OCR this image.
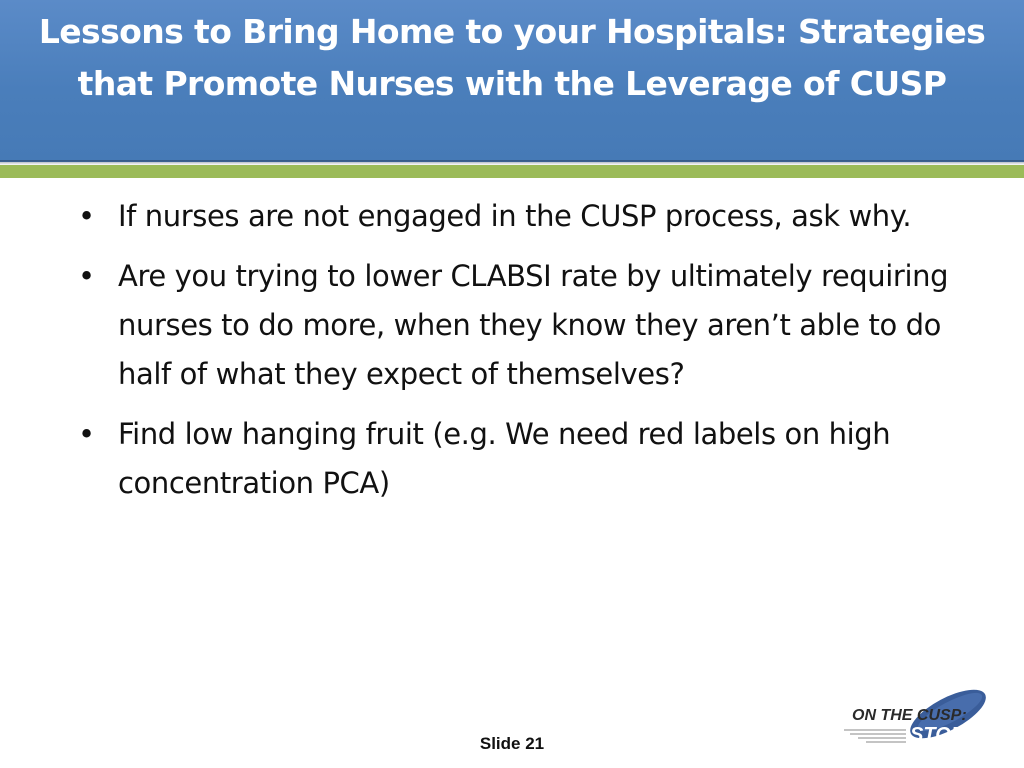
Lessons to Bring Home to your Hospitals: Strategies that Promote Nurses with the Leverage of CUSP
• If nurses are not engaged in the CUSP process, ask why.
• Are you trying to lower CLABSI rate by ultimately requiring nurses to do more, when they know they aren’t able to do half of what they expect of themselves?
• Find low hanging fruit (e.g. We need red labels on high concentration PCA)
Slide 21
ON THE CUSP:
STOP HAI
